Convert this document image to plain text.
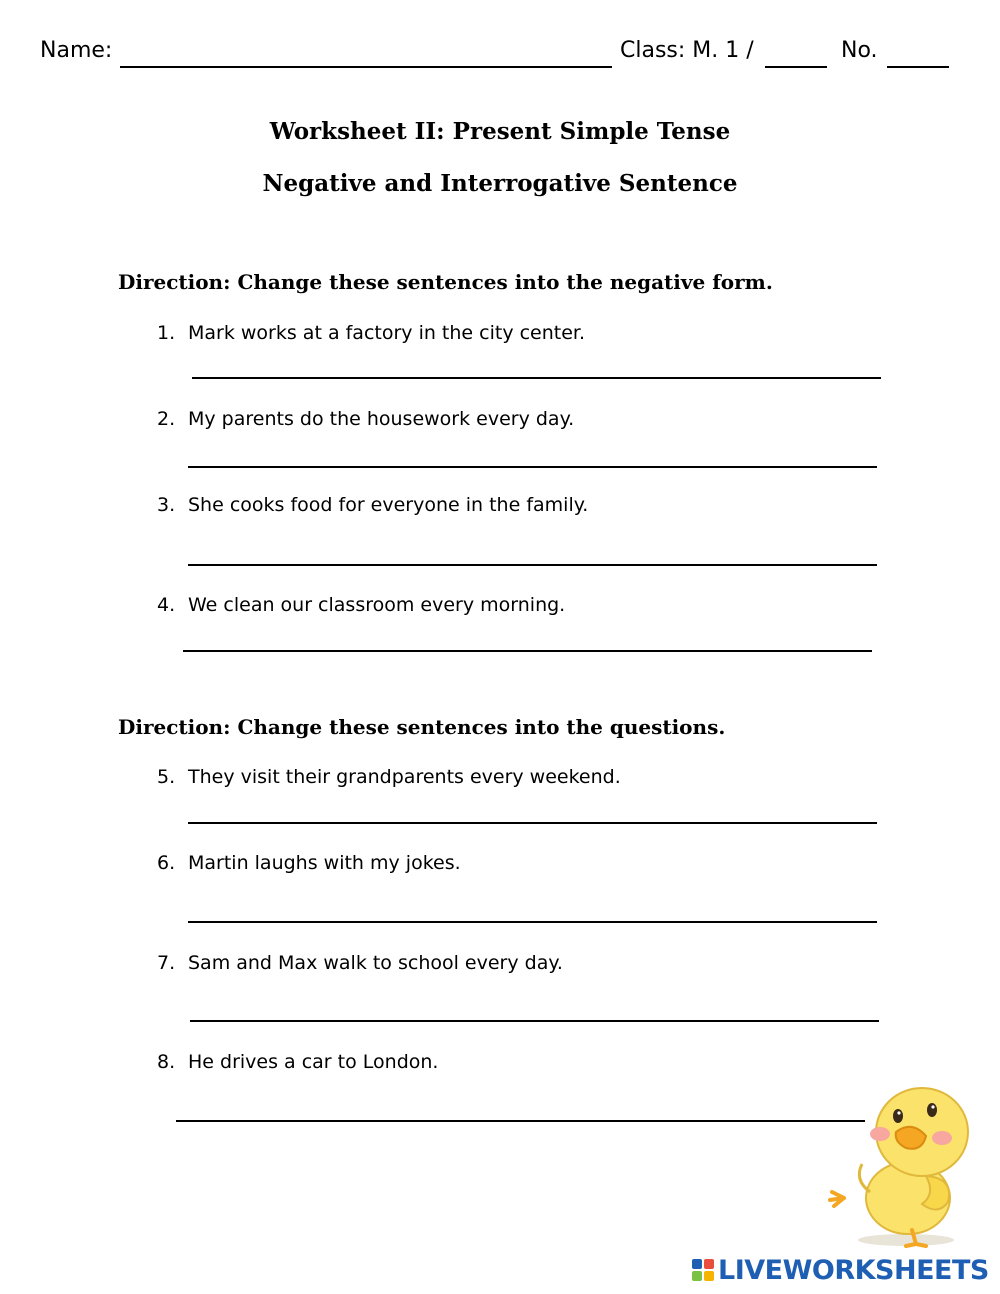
Name:	Class: M. 1 /	No.
Worksheet II: Present Simple Tense
Negative and Interrogative Sentence
Direction: Change these sentences into the negative form.
1. Mark works at a factory in the city center.
2. My parents do the housework every day.
3. She cooks food for everyone in the family.
4. We clean our classroom every morning.
Direction: Change these sentences into the questions.
5. They visit their grandparents every weekend.
6. Martin laughs with my jokes.
7. Sam and Max walk to school every day.
8. He drives a car to London.
LIVEWORKSHEETS
